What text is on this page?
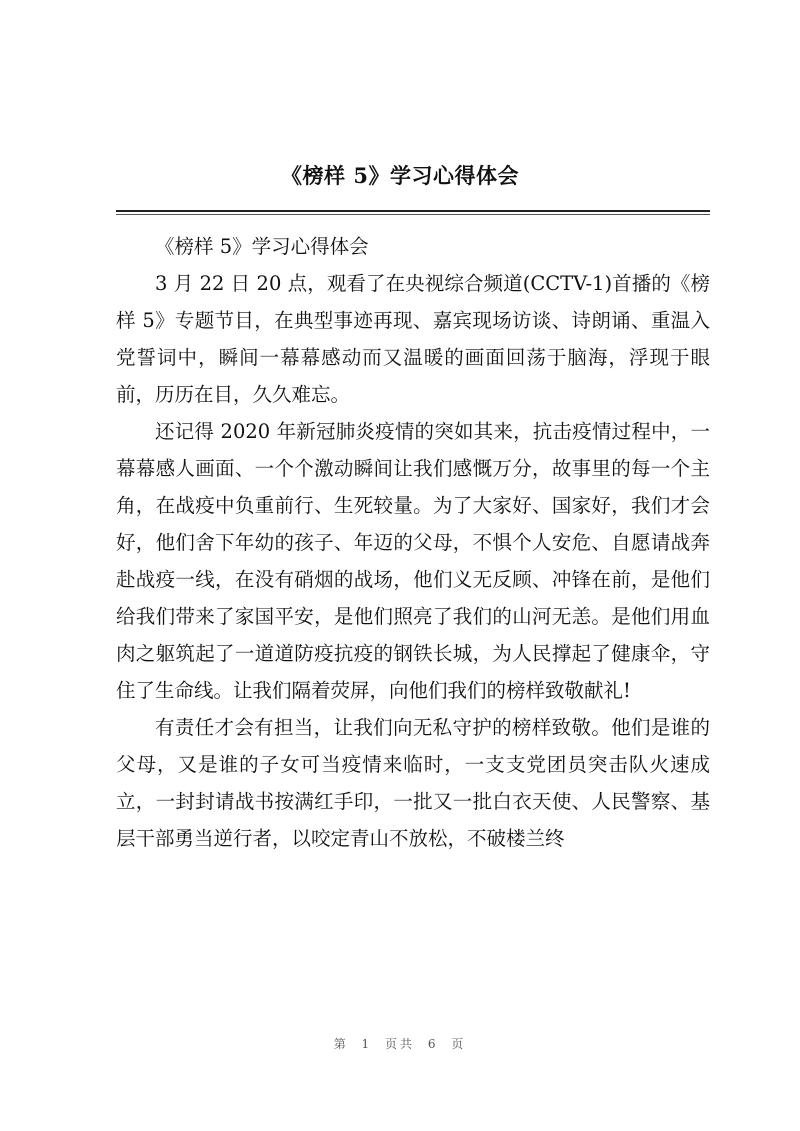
《榜样 5》学习心得体会

《榜样 5》学习心得体会

3 月 22 日 20 点，观看了在央视综合频道(CCTV-1)首播的《榜样 5》专题节目，在典型事迹再现、嘉宾现场访谈、诗朗诵、重温入党誓词中，瞬间一幕幕感动而又温暖的画面回荡于脑海，浮现于眼前，历历在目，久久难忘。

还记得 2020 年新冠肺炎疫情的突如其来，抗击疫情过程中，一幕幕感人画面、一个个激动瞬间让我们感慨万分，故事里的每一个主角，在战疫中负重前行、生死较量。为了大家好、国家好，我们才会好，他们舍下年幼的孩子、年迈的父母，不惧个人安危、自愿请战奔赴战疫一线，在没有硝烟的战场，他们义无反顾、冲锋在前，是他们给我们带来了家国平安，是他们照亮了我们的山河无恙。是他们用血肉之躯筑起了一道道防疫抗疫的钢铁长城，为人民撑起了健康伞，守住了生命线。让我们隔着荧屏，向他们我们的榜样致敬献礼!

有责任才会有担当，让我们向无私守护的榜样致敬。他们是谁的父母，又是谁的子女可当疫情来临时，一支支党团员突击队火速成立，一封封请战书按满红手印，一批又一批白衣天使、人民警察、基层干部勇当逆行者，以咬定青山不放松，不破楼兰终

第 1 页共 6 页
